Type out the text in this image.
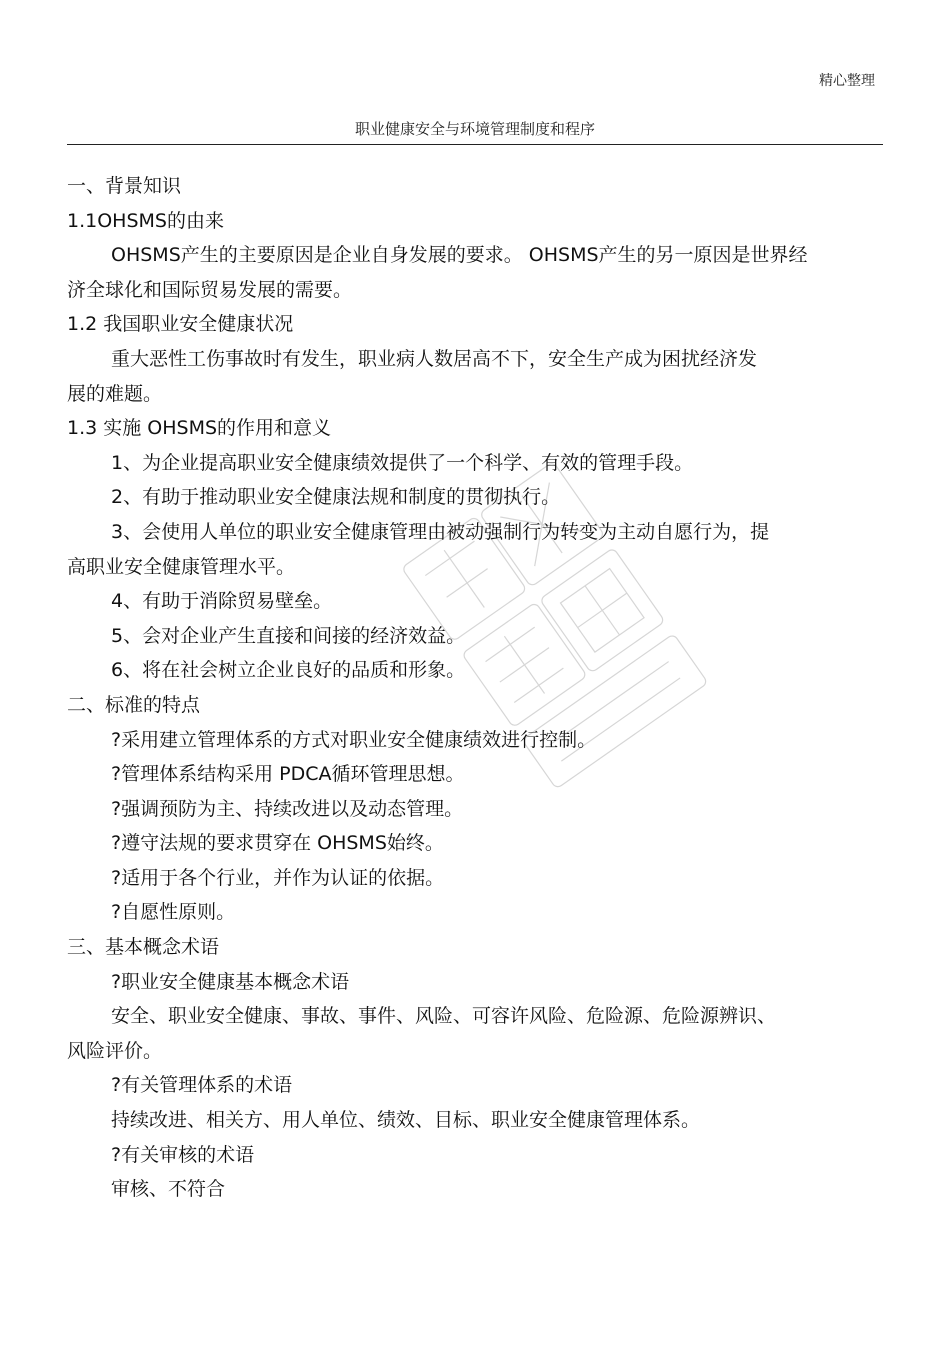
精心整理
职业健康安全与环境管理制度和程序
一、背景知识
1.1OHSMS的由来
OHSMS产生的主要原因是企业自身发展的要求。 OHSMS产生的另一原因是世界经
济全球化和国际贸易发展的需要。
1.2 我国职业安全健康状况
重大恶性工伤事故时有发生，职业病人数居高不下，安全生产成为困扰经济发
展的难题。
1.3 实施 OHSMS的作用和意义
1、为企业提高职业安全健康绩效提供了一个科学、有效的管理手段。
2、有助于推动职业安全健康法规和制度的贯彻执行。
3、会使用人单位的职业安全健康管理由被动强制行为转变为主动自愿行为，提
高职业安全健康管理水平。
4、有助于消除贸易壁垒。
5、会对企业产生直接和间接的经济效益。
6、将在社会树立企业良好的品质和形象。
二、标准的特点
?采用建立管理体系的方式对职业安全健康绩效进行控制。
?管理体系结构采用 PDCA循环管理思想。
?强调预防为主、持续改进以及动态管理。
?遵守法规的要求贯穿在 OHSMS始终。
?适用于各个行业，并作为认证的依据。
?自愿性原则。
三、基本概念术语
?职业安全健康基本概念术语
安全、职业安全健康、事故、事件、风险、可容许风险、危险源、危险源辨识、
风险评价。
?有关管理体系的术语
持续改进、相关方、用人单位、绩效、目标、职业安全健康管理体系。
?有关审核的术语
审核、不符合
